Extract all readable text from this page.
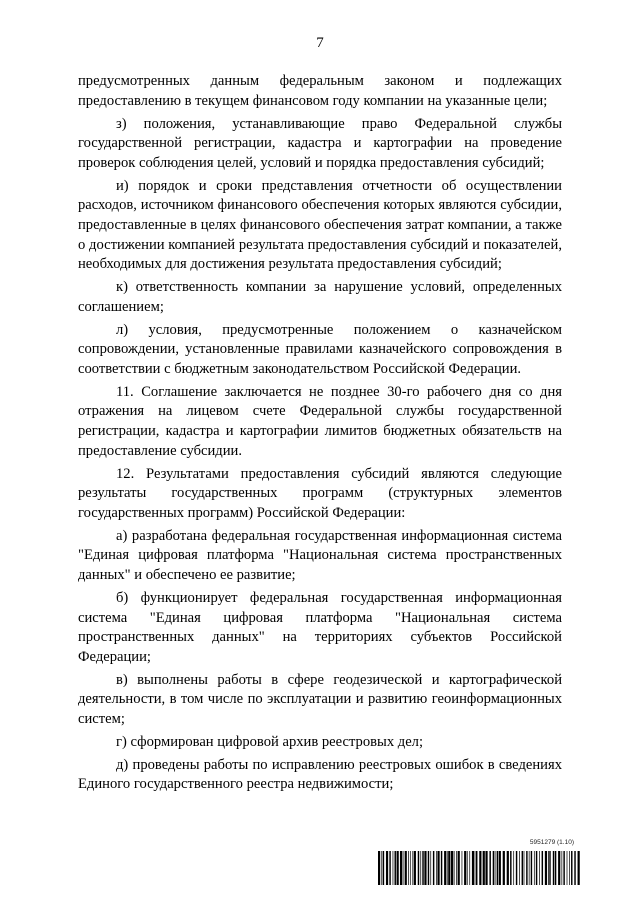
7

предусмотренных данным федеральным законом и подлежащих предоставлению в текущем финансовом году компании на указанные цели;

з) положения, устанавливающие право Федеральной службы государственной регистрации, кадастра и картографии на проведение проверок соблюдения целей, условий и порядка предоставления субсидий;

и) порядок и сроки представления отчетности об осуществлении расходов, источником финансового обеспечения которых являются субсидии, предоставленные в целях финансового обеспечения затрат компании, а также о достижении компанией результата предоставления субсидий и показателей, необходимых для достижения результата предоставления субсидий;

к) ответственность компании за нарушение условий, определенных соглашением;

л) условия, предусмотренные положением о казначейском сопровождении, установленные правилами казначейского сопровождения в соответствии с бюджетным законодательством Российской Федерации.

11. Соглашение заключается не позднее 30-го рабочего дня со дня отражения на лицевом счете Федеральной службы государственной регистрации, кадастра и картографии лимитов бюджетных обязательств на предоставление субсидии.

12. Результатами предоставления субсидий являются следующие результаты государственных программ (структурных элементов государственных программ) Российской Федерации:

а) разработана федеральная государственная информационная система "Единая цифровая платформа "Национальная система пространственных данных" и обеспечено ее развитие;

б) функционирует федеральная государственная информационная система "Единая цифровая платформа "Национальная система пространственных данных" на территориях субъектов Российской Федерации;

в) выполнены работы в сфере геодезической и картографической деятельности, в том числе по эксплуатации и развитию геоинформационных систем;

г) сформирован цифровой архив реестровых дел;

д) проведены работы по исправлению реестровых ошибок в сведениях Единого государственного реестра недвижимости;

5951279 (1.10)
